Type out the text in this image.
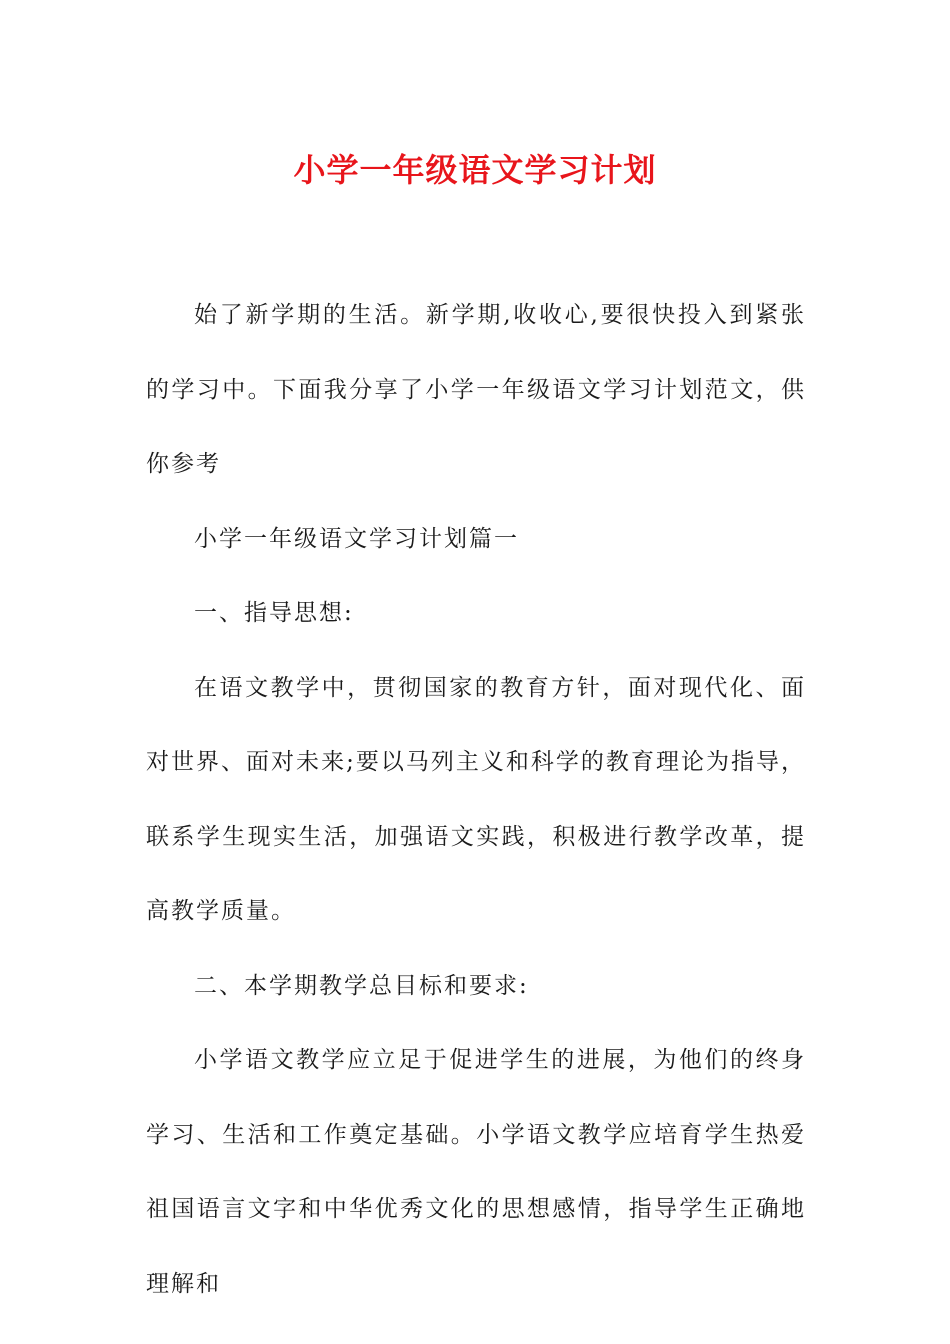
小学一年级语文学习计划

始了新学期的生活。新学期,收收心,要很快投入到紧张的学习中。下面我分享了小学一年级语文学习计划范文，供你参考

小学一年级语文学习计划篇一

一、指导思想:

在语文教学中，贯彻国家的教育方针，面对现代化、面对世界、面对未来;要以马列主义和科学的教育理论为指导，联系学生现实生活，加强语文实践，积极进行教学改革，提高教学质量。

二、本学期教学总目标和要求:

小学语文教学应立足于促进学生的进展，为他们的终身学习、生活和工作奠定基础。小学语文教学应培育学生热爱祖国语言文字和中华优秀文化的思想感情，指导学生正确地理解和
